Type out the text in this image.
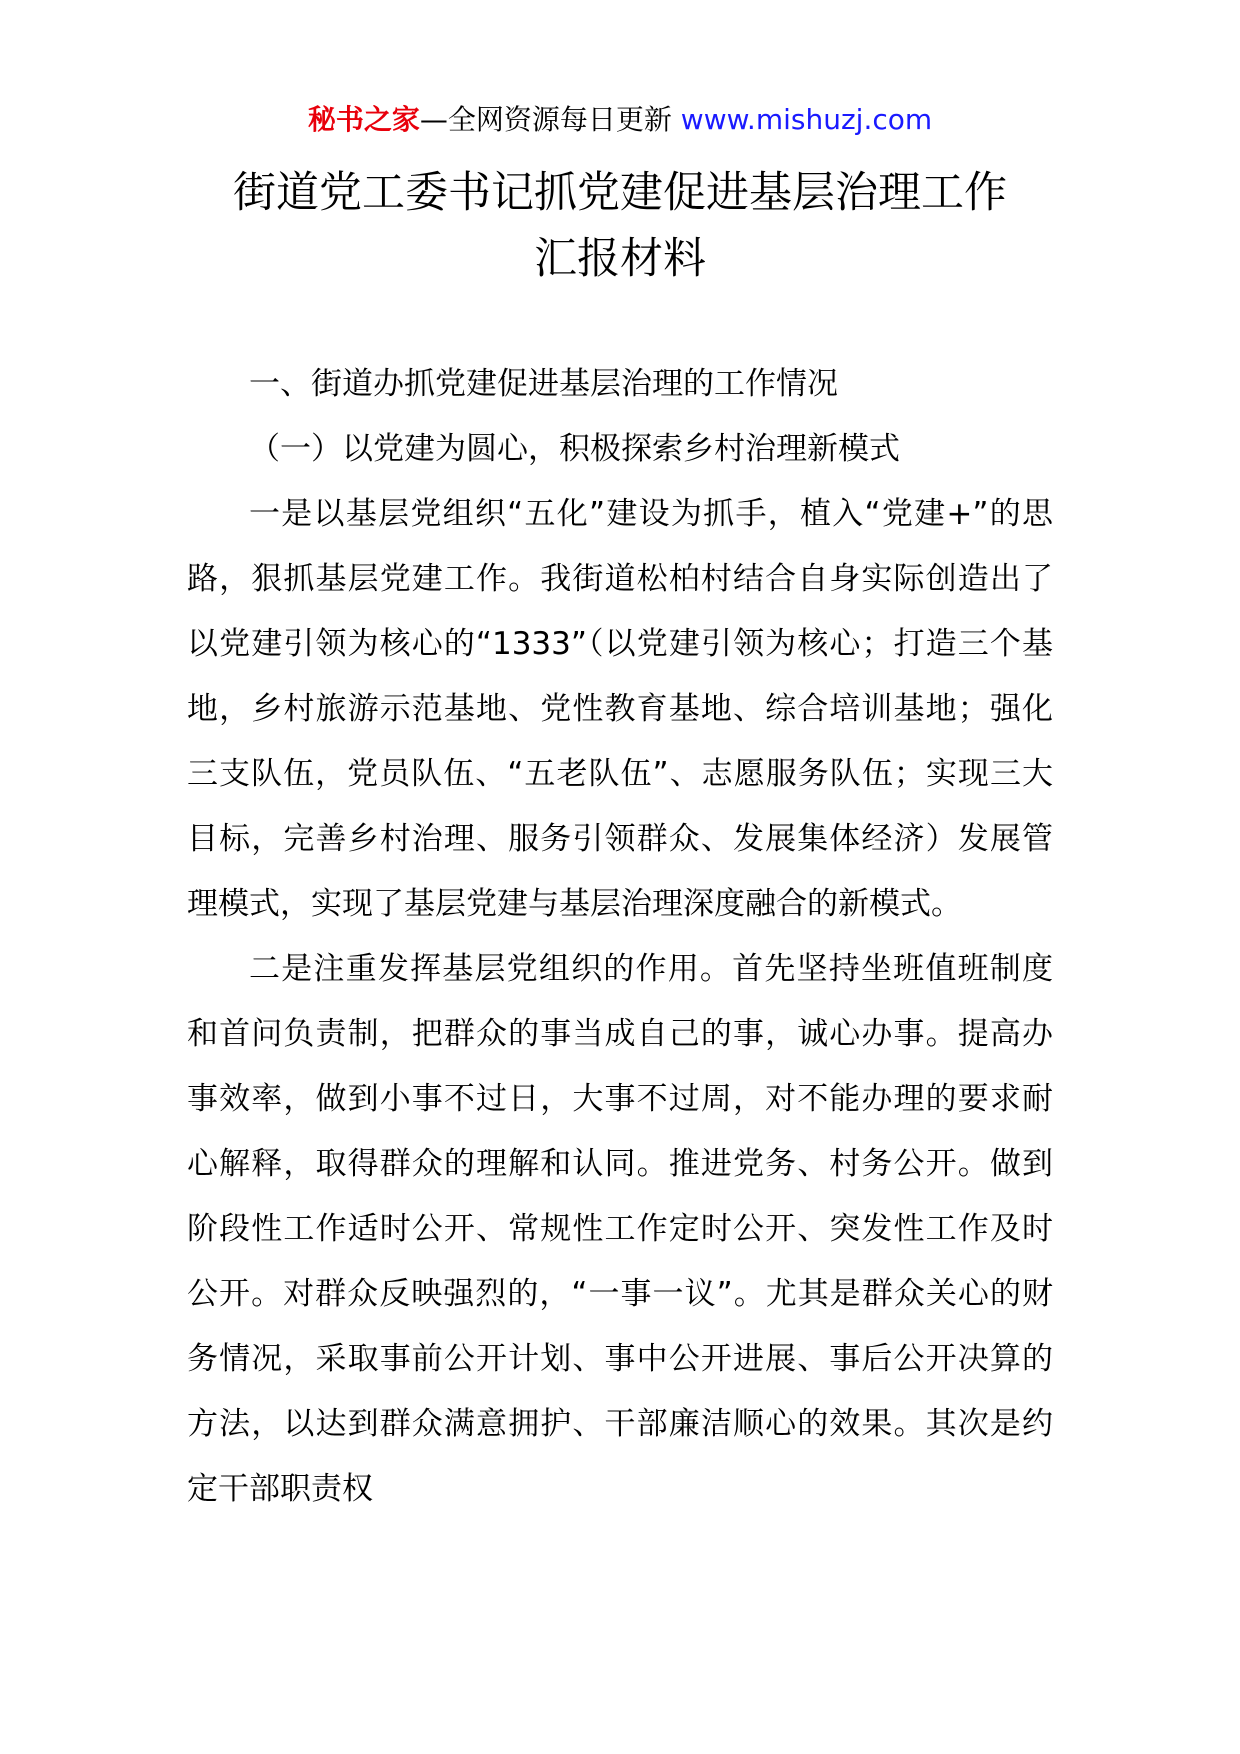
秘书之家—全网资源每日更新 www.mishuzj.com
街道党工委书记抓党建促进基层治理工作
汇报材料

一、街道办抓党建促进基层治理的工作情况

（一）以党建为圆心，积极探索乡村治理新模式

一是以基层党组织“五化”建设为抓手，植入“党建+”的思路，狠抓基层党建工作。我街道松柏村结合自身实际创造出了以党建引领为核心的“1333”（以党建引领为核心；打造三个基地，乡村旅游示范基地、党性教育基地、综合培训基地；强化三支队伍，党员队伍、“五老队伍”、志愿服务队伍；实现三大目标，完善乡村治理、服务引领群众、发展集体经济）发展管理模式，实现了基层党建与基层治理深度融合的新模式。

二是注重发挥基层党组织的作用。首先坚持坐班值班制度和首问负责制，把群众的事当成自己的事，诚心办事。提高办事效率，做到小事不过日，大事不过周，对不能办理的要求耐心解释，取得群众的理解和认同。推进党务、村务公开。做到阶段性工作适时公开、常规性工作定时公开、突发性工作及时公开。对群众反映强烈的，“一事一议”。尤其是群众关心的财务情况，采取事前公开计划、事中公开进展、事后公开决算的方法，以达到群众满意拥护、干部廉洁顺心的效果。其次是约定干部职责权
